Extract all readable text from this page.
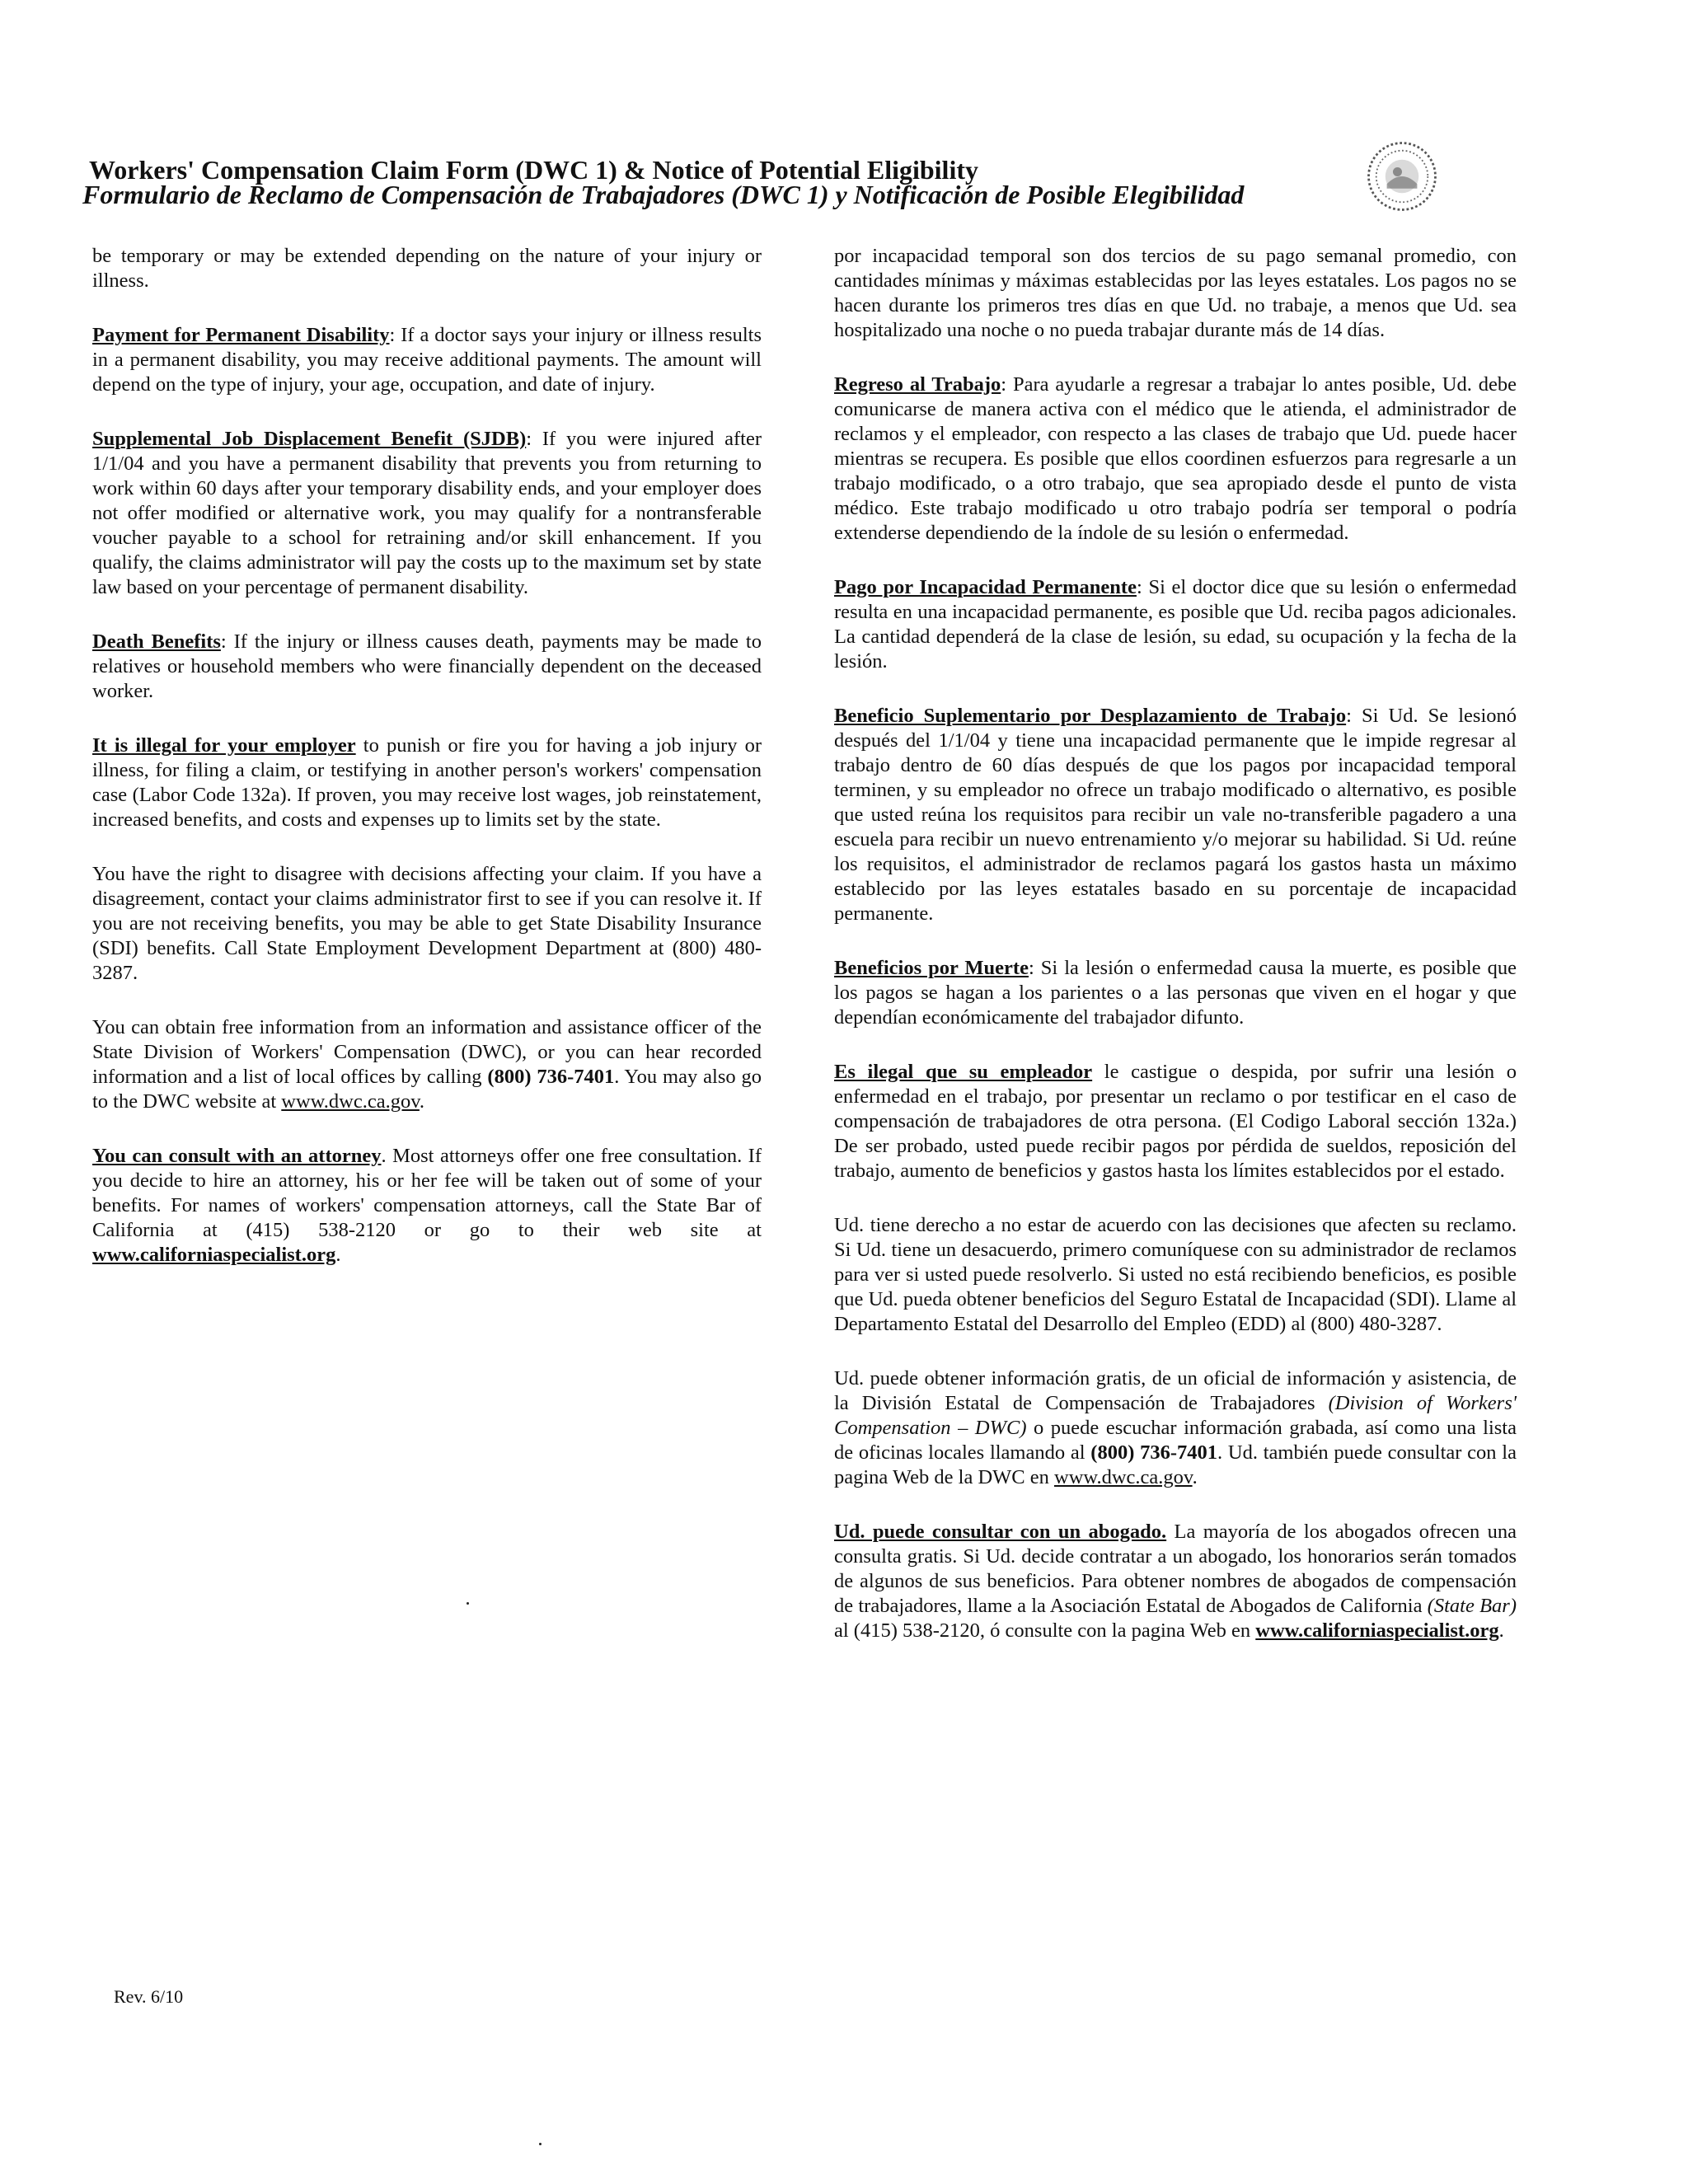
Workers' Compensation Claim Form (DWC 1) & Notice of Potential Eligibility
Formulario de Reclamo de Compensación de Trabajadores (DWC 1) y Notificación de Posible Elegibilidad

be temporary or may be extended depending on the nature of your injury or illness.

Payment for Permanent Disability: If a doctor says your injury or illness results in a permanent disability, you may receive additional payments. The amount will depend on the type of injury, your age, occupation, and date of injury.

Supplemental Job Displacement Benefit (SJDB): If you were injured after 1/1/04 and you have a permanent disability that prevents you from returning to work within 60 days after your temporary disability ends, and your employer does not offer modified or alternative work, you may qualify for a nontransferable voucher payable to a school for retraining and/or skill enhancement. If you qualify, the claims administrator will pay the costs up to the maximum set by state law based on your percentage of permanent disability.

Death Benefits: If the injury or illness causes death, payments may be made to relatives or household members who were financially dependent on the deceased worker.

It is illegal for your employer to punish or fire you for having a job injury or illness, for filing a claim, or testifying in another person's workers' compensation case (Labor Code 132a). If proven, you may receive lost wages, job reinstatement, increased benefits, and costs and expenses up to limits set by the state.

You have the right to disagree with decisions affecting your claim. If you have a disagreement, contact your claims administrator first to see if you can resolve it. If you are not receiving benefits, you may be able to get State Disability Insurance (SDI) benefits. Call State Employment Development Department at (800) 480-3287.

You can obtain free information from an information and assistance officer of the State Division of Workers' Compensation (DWC), or you can hear recorded information and a list of local offices by calling (800) 736-7401. You may also go to the DWC website at www.dwc.ca.gov.

You can consult with an attorney. Most attorneys offer one free consultation. If you decide to hire an attorney, his or her fee will be taken out of some of your benefits. For names of workers' compensation attorneys, call the State Bar of California at (415) 538-2120 or go to their web site at www.californiaspecialist.org.

por incapacidad temporal son dos tercios de su pago semanal promedio, con cantidades mínimas y máximas establecidas por las leyes estatales. Los pagos no se hacen durante los primeros tres días en que Ud. no trabaje, a menos que Ud. sea hospitalizado una noche o no pueda trabajar durante más de 14 días.

Regreso al Trabajo: Para ayudarle a regresar a trabajar lo antes posible, Ud. debe comunicarse de manera activa con el médico que le atienda, el administrador de reclamos y el empleador, con respecto a las clases de trabajo que Ud. puede hacer mientras se recupera. Es posible que ellos coordinen esfuerzos para regresarle a un trabajo modificado, o a otro trabajo, que sea apropiado desde el punto de vista médico. Este trabajo modificado u otro trabajo podría ser temporal o podría extenderse dependiendo de la índole de su lesión o enfermedad.

Pago por Incapacidad Permanente: Si el doctor dice que su lesión o enfermedad resulta en una incapacidad permanente, es posible que Ud. reciba pagos adicionales. La cantidad dependerá de la clase de lesión, su edad, su ocupación y la fecha de la lesión.

Beneficio Suplementario por Desplazamiento de Trabajo: Si Ud. Se lesionó después del 1/1/04 y tiene una incapacidad permanente que le impide regresar al trabajo dentro de 60 días después de que los pagos por incapacidad temporal terminen, y su empleador no ofrece un trabajo modificado o alternativo, es posible que usted reúna los requisitos para recibir un vale no-transferible pagadero a una escuela para recibir un nuevo entrenamiento y/o mejorar su habilidad. Si Ud. reúne los requisitos, el administrador de reclamos pagará los gastos hasta un máximo establecido por las leyes estatales basado en su porcentaje de incapacidad permanente.

Beneficios por Muerte: Si la lesión o enfermedad causa la muerte, es posible que los pagos se hagan a los parientes o a las personas que viven en el hogar y que dependían económicamente del trabajador difunto.

Es ilegal que su empleador le castigue o despida, por sufrir una lesión o enfermedad en el trabajo, por presentar un reclamo o por testificar en el caso de compensación de trabajadores de otra persona. (El Codigo Laboral sección 132a.) De ser probado, usted puede recibir pagos por pérdida de sueldos, reposición del trabajo, aumento de beneficios y gastos hasta los límites establecidos por el estado.

Ud. tiene derecho a no estar de acuerdo con las decisiones que afecten su reclamo. Si Ud. tiene un desacuerdo, primero comuníquese con su administrador de reclamos para ver si usted puede resolverlo. Si usted no está recibiendo beneficios, es posible que Ud. pueda obtener beneficios del Seguro Estatal de Incapacidad (SDI). Llame al Departamento Estatal del Desarrollo del Empleo (EDD) al (800) 480-3287.

Ud. puede obtener información gratis, de un oficial de información y asistencia, de la División Estatal de Compensación de Trabajadores (Division of Workers' Compensation – DWC) o puede escuchar información grabada, así como una lista de oficinas locales llamando al (800) 736-7401. Ud. también puede consultar con la pagina Web de la DWC en www.dwc.ca.gov.

Ud. puede consultar con un abogado. La mayoría de los abogados ofrecen una consulta gratis. Si Ud. decide contratar a un abogado, los honorarios serán tomados de algunos de sus beneficios. Para obtener nombres de abogados de compensación de trabajadores, llame a la Asociación Estatal de Abogados de California (State Bar) al (415) 538-2120, ó consulte con la pagina Web en www.californiaspecialist.org.

Rev. 6/10
